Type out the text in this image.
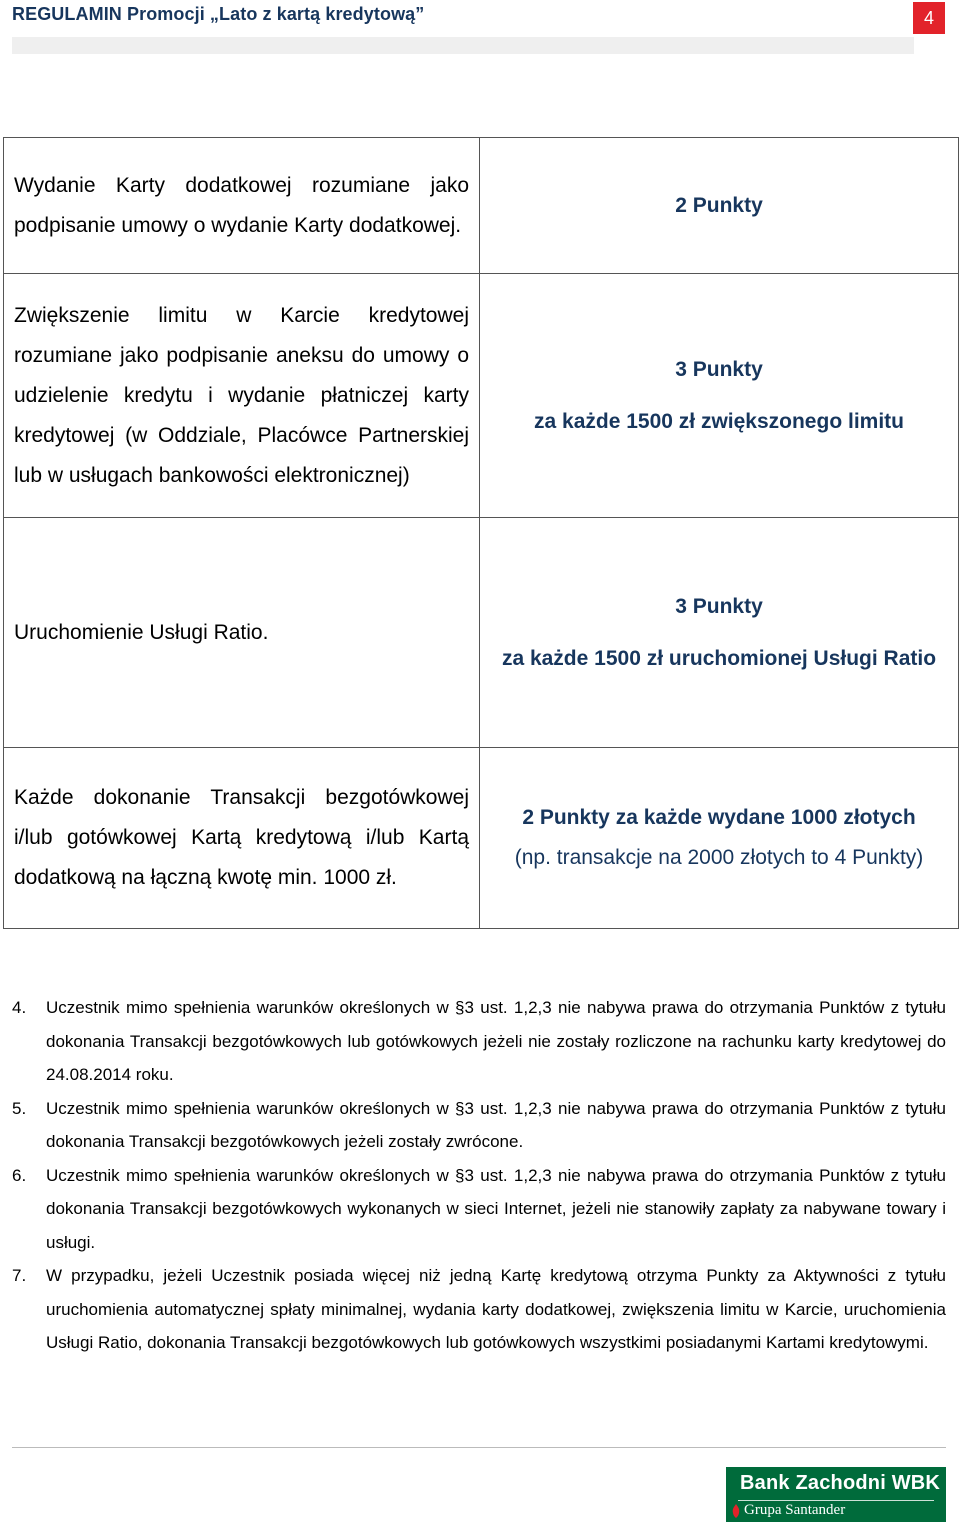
REGULAMIN Promocji „Lato z kartą kredytową”	4
Wydanie Karty dodatkowej rozumiane jako podpisanie umowy o wydanie Karty dodatkowej.	2 Punkty

Zwiększenie limitu w Karcie kredytowej rozumiane jako podpisanie aneksu do umowy o udzielenie kredytu i wydanie płatniczej karty kredytowej (w Oddziale, Placówce Partnerskiej lub w usługach bankowości elektronicznej)	3 Punkty
za każde 1500 zł zwiększonego limitu

Uruchomienie Usługi Ratio.	3 Punkty
za każde 1500 zł uruchomionej Usługi Ratio

Każde dokonanie Transakcji bezgotówkowej i/lub gotówkowej Kartą kredytową i/lub Kartą dodatkową na łączną kwotę min. 1000 zł.	2 Punkty za każde wydane 1000 złotych
(np. transakcje na 2000 złotych to 4 Punkty)
4. Uczestnik mimo spełnienia warunków określonych w §3 ust. 1,2,3 nie nabywa prawa do otrzymania Punktów z tytułu dokonania Transakcji bezgotówkowych lub gotówkowych jeżeli nie zostały rozliczone na rachunku karty kredytowej do 24.08.2014 roku.
5. Uczestnik mimo spełnienia warunków określonych w §3 ust. 1,2,3 nie nabywa prawa do otrzymania Punktów z tytułu dokonania Transakcji bezgotówkowych jeżeli zostały zwrócone.
6. Uczestnik mimo spełnienia warunków określonych w §3 ust. 1,2,3 nie nabywa prawa do otrzymania Punktów z tytułu dokonania Transakcji bezgotówkowych wykonanych w sieci Internet, jeżeli nie stanowiły zapłaty za nabywane towary i usługi.
7. W przypadku, jeżeli Uczestnik posiada więcej niż jedną Kartę kredytową otrzyma Punkty za Aktywności z tytułu uruchomienia automatycznej spłaty minimalnej, wydania karty dodatkowej, zwiększenia limitu w Karcie, uruchomienia Usługi Ratio, dokonania Transakcji bezgotówkowych lub gotówkowych wszystkimi posiadanymi Kartami kredytowymi.
Bank Zachodni WBK
Grupa Santander
